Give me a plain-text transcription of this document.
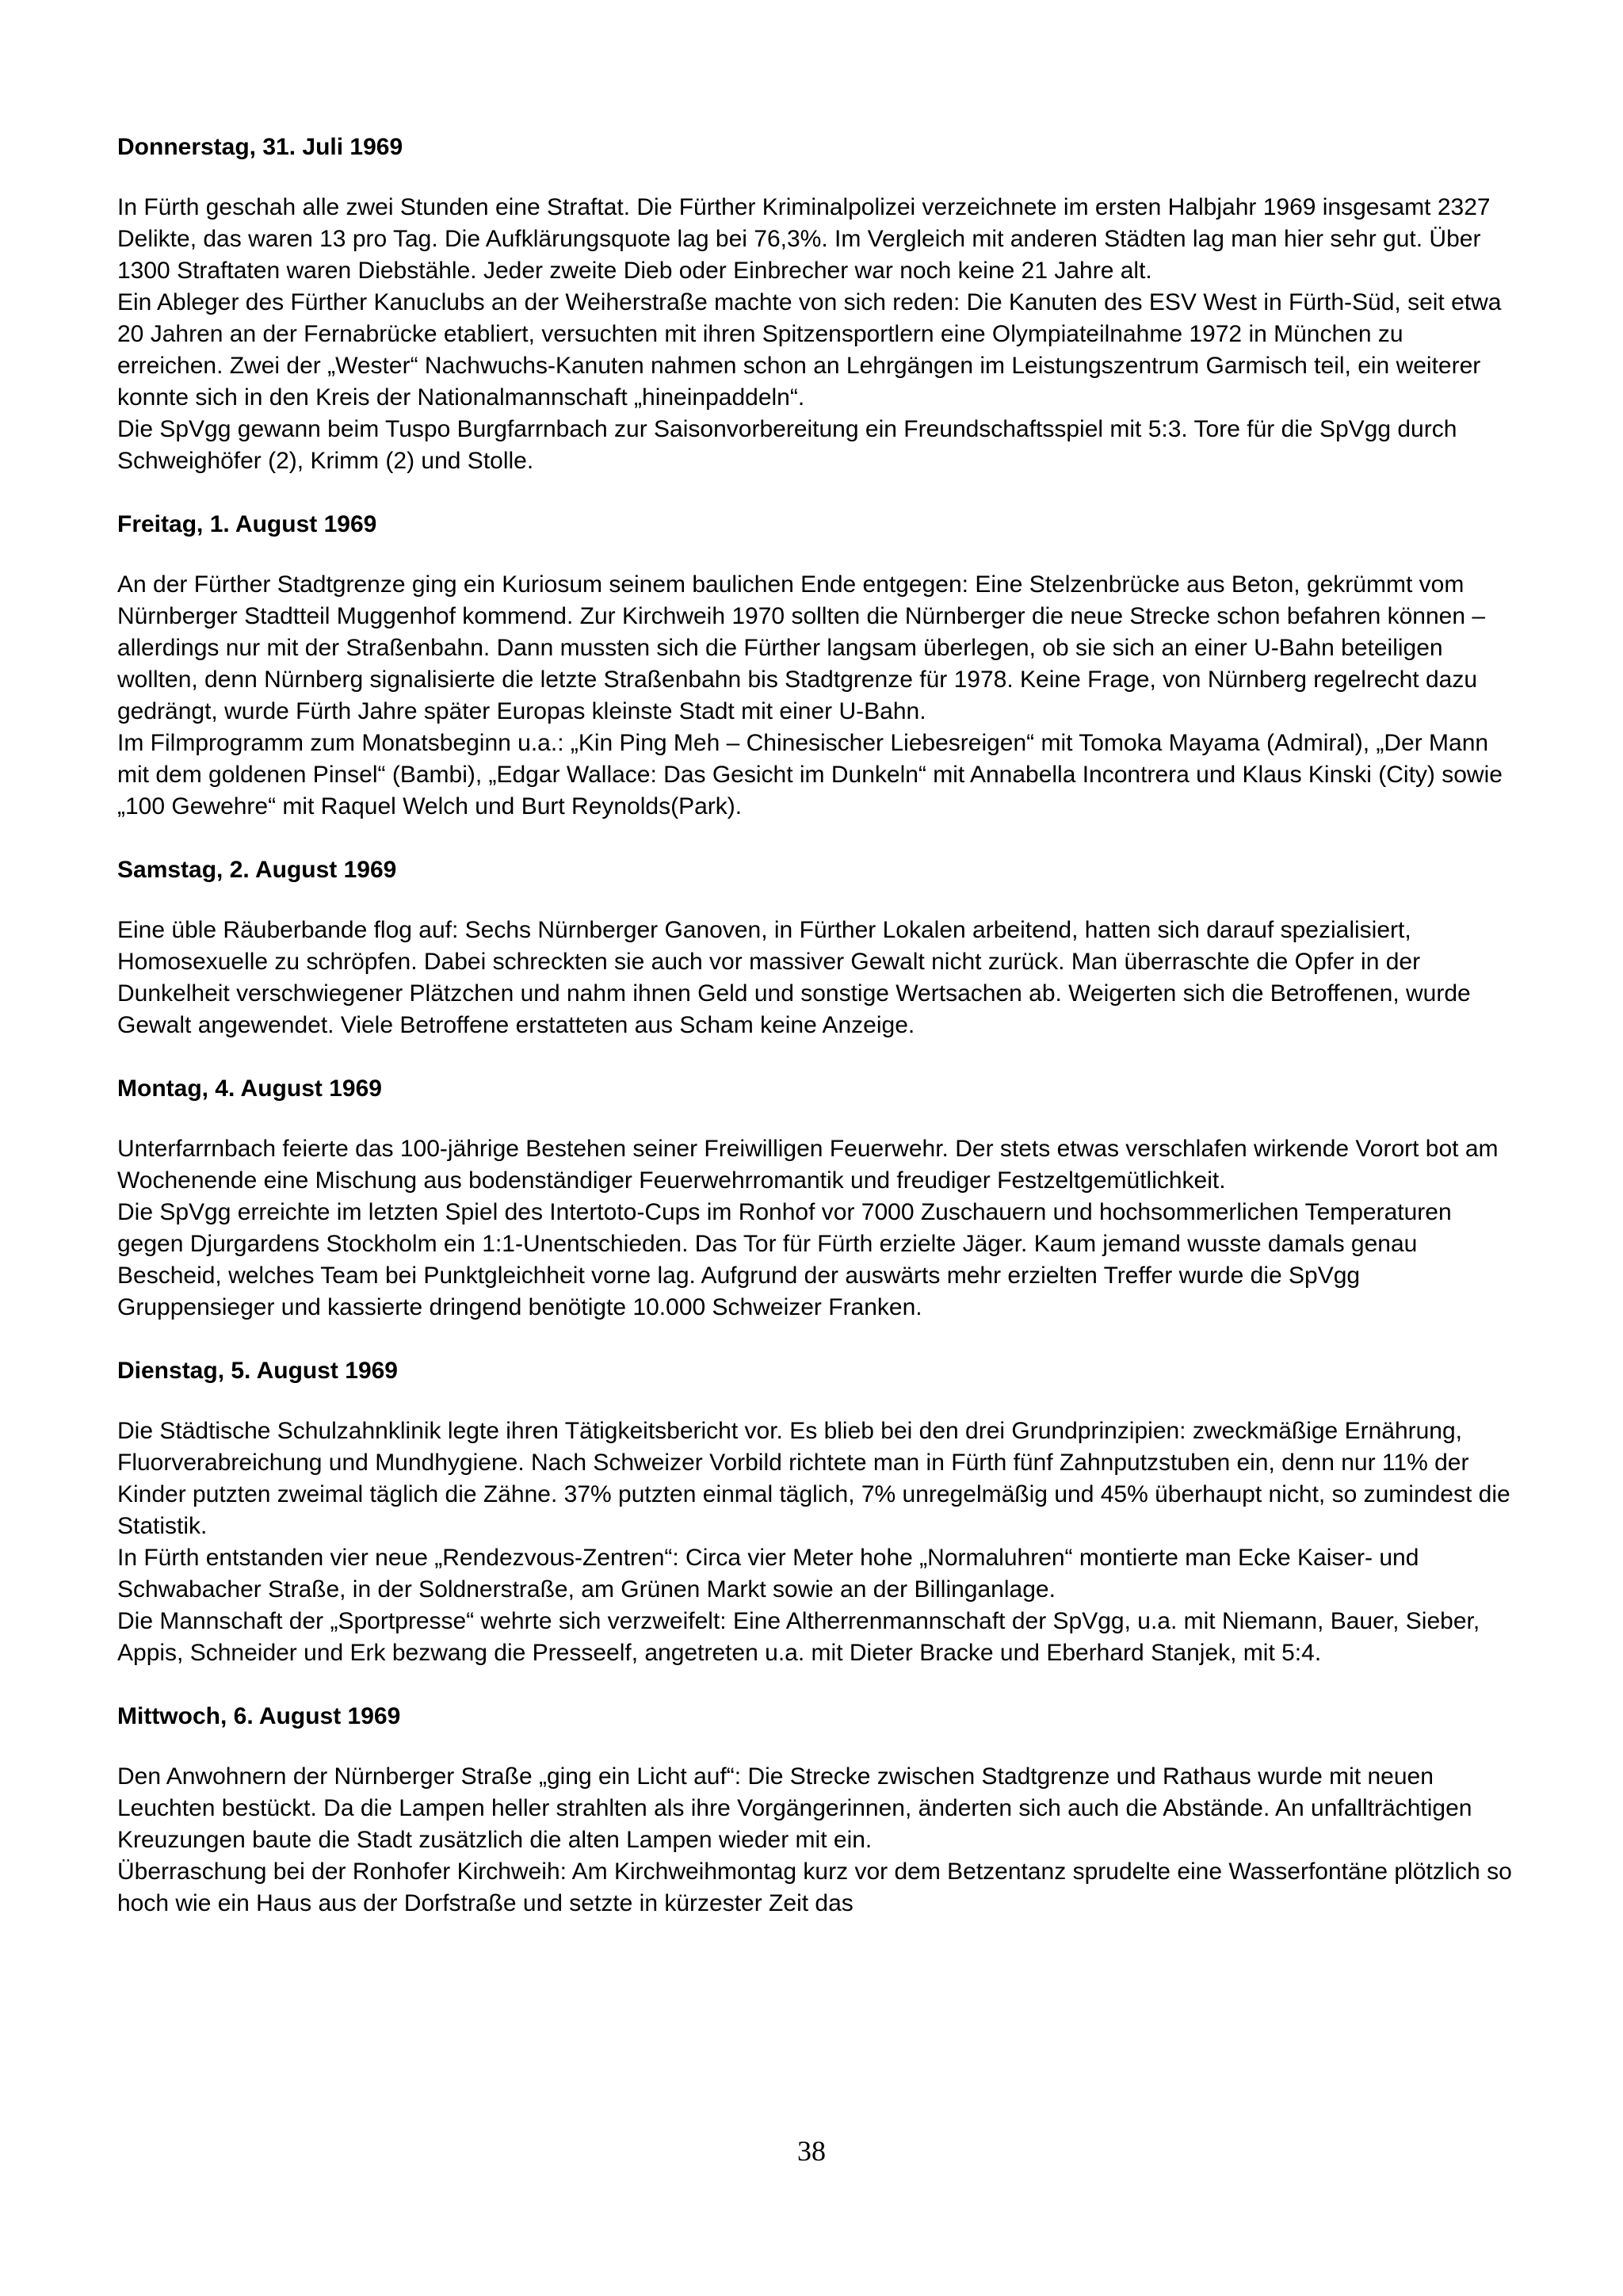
Donnerstag, 31. Juli 1969

In Fürth geschah alle zwei Stunden eine Straftat. Die Fürther Kriminalpolizei verzeichnete im ersten Halbjahr 1969 insgesamt 2327 Delikte, das waren 13 pro Tag. Die Aufklärungsquote lag bei 76,3%. Im Vergleich mit anderen Städten lag man hier sehr gut. Über 1300 Straftaten waren Diebstähle. Jeder zweite Dieb oder Einbrecher war noch keine 21 Jahre alt.

Ein Ableger des Fürther Kanuclubs an der Weiherstraße machte von sich reden: Die Kanuten des ESV West in Fürth-Süd, seit etwa 20 Jahren an der Fernabrücke etabliert, versuchten mit ihren Spitzensportlern eine Olympiateilnahme 1972 in München zu erreichen. Zwei der „Wester“ Nachwuchs-Kanuten nahmen schon an Lehrgängen im Leistungszentrum Garmisch teil, ein weiterer konnte sich in den Kreis der Nationalmannschaft „hineinpaddeln“.

Die SpVgg gewann beim Tuspo Burgfarrnbach zur Saisonvorbereitung ein Freundschaftsspiel mit 5:3. Tore für die SpVgg durch Schweighöfer (2), Krimm (2) und Stolle.

Freitag, 1. August 1969

An der Fürther Stadtgrenze ging ein Kuriosum seinem baulichen Ende entgegen: Eine Stelzenbrücke aus Beton, gekrümmt vom Nürnberger Stadtteil Muggenhof kommend. Zur Kirchweih 1970 sollten die Nürnberger die neue Strecke schon befahren können – allerdings nur mit der Straßenbahn. Dann mussten sich die Fürther langsam überlegen, ob sie sich an einer U-Bahn beteiligen wollten, denn Nürnberg signalisierte die letzte Straßenbahn bis Stadtgrenze für 1978. Keine Frage, von Nürnberg regelrecht dazu gedrängt, wurde Fürth Jahre später Europas kleinste Stadt mit einer U-Bahn.

Im Filmprogramm zum Monatsbeginn u.a.: „Kin Ping Meh – Chinesischer Liebesreigen“ mit Tomoka Mayama (Admiral), „Der Mann mit dem goldenen Pinsel“ (Bambi), „Edgar Wallace: Das Gesicht im Dunkeln“ mit Annabella Incontrera und Klaus Kinski (City) sowie „100 Gewehre“ mit Raquel Welch und Burt Reynolds(Park).

Samstag, 2. August 1969

Eine üble Räuberbande flog auf: Sechs Nürnberger Ganoven, in Fürther Lokalen arbeitend, hatten sich darauf spezialisiert, Homosexuelle zu schröpfen. Dabei schreckten sie auch vor massiver Gewalt nicht zurück. Man überraschte die Opfer in der Dunkelheit verschwiegener Plätzchen und nahm ihnen Geld und sonstige Wertsachen ab. Weigerten sich die Betroffenen, wurde Gewalt angewendet. Viele Betroffene erstatteten aus Scham keine Anzeige.

Montag, 4. August 1969

Unterfarrnbach feierte das 100-jährige Bestehen seiner Freiwilligen Feuerwehr. Der stets etwas verschlafen wirkende Vorort bot am Wochenende eine Mischung aus bodenständiger Feuerwehrromantik und freudiger Festzeltgemütlichkeit.

Die SpVgg erreichte im letzten Spiel des Intertoto-Cups im Ronhof vor 7000 Zuschauern und hochsommerlichen Temperaturen gegen Djurgardens Stockholm ein 1:1-Unentschieden. Das Tor für Fürth erzielte Jäger. Kaum jemand wusste damals genau Bescheid, welches Team bei Punktgleichheit vorne lag. Aufgrund der auswärts mehr erzielten Treffer wurde die SpVgg Gruppensieger und kassierte dringend benötigte 10.000 Schweizer Franken.

Dienstag, 5. August 1969

Die Städtische Schulzahnklinik legte ihren Tätigkeitsbericht vor. Es blieb bei den drei Grundprinzipien: zweckmäßige Ernährung, Fluorverabreichung und Mundhygiene. Nach Schweizer Vorbild richtete man in Fürth fünf Zahnputzstuben ein, denn nur 11% der Kinder putzten zweimal täglich die Zähne. 37% putzten einmal täglich, 7% unregelmäßig und 45% überhaupt nicht, so zumindest die Statistik.

In Fürth entstanden vier neue „Rendezvous-Zentren“: Circa vier Meter hohe „Normaluhren“ montierte man Ecke Kaiser- und Schwabacher Straße, in der Soldnerstraße, am Grünen Markt sowie an der Billinganlage.

Die Mannschaft der „Sportpresse“ wehrte sich verzweifelt: Eine Altherrenmannschaft der SpVgg, u.a. mit Niemann, Bauer, Sieber, Appis, Schneider und Erk bezwang die Presseelf, angetreten u.a. mit Dieter Bracke und Eberhard Stanjek, mit 5:4.

Mittwoch, 6. August 1969

Den Anwohnern der Nürnberger Straße „ging ein Licht auf“: Die Strecke zwischen Stadtgrenze und Rathaus wurde mit neuen Leuchten bestückt. Da die Lampen heller strahlten als ihre Vorgängerinnen, änderten sich auch die Abstände. An unfallträchtigen Kreuzungen baute die Stadt zusätzlich die alten Lampen wieder mit ein.

Überraschung bei der Ronhofer Kirchweih: Am Kirchweihmontag kurz vor dem Betzentanz sprudelte eine Wasserfontäne plötzlich so hoch wie ein Haus aus der Dorfstraße und setzte in kürzester Zeit das

38
